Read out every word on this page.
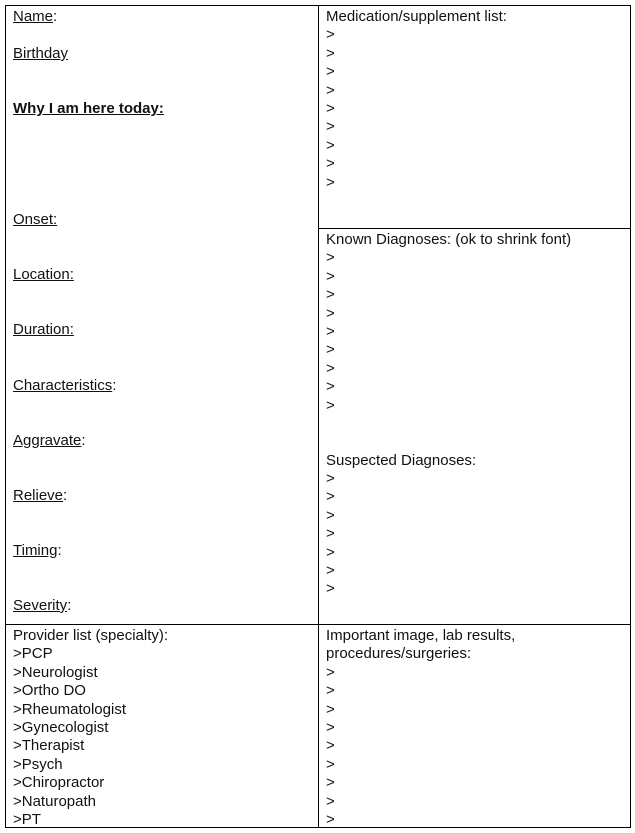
Name:
Birthday
Why I am here today:
Onset:
Location:
Duration:
Characteristics:
Aggravate:
Relieve:
Timing:
Severity:
Medication/supplement list:
>
>
>
>
>
>
>
>
>
Known Diagnoses: (ok to shrink font)
>
>
>
>
>
>
>
>
>
Suspected Diagnoses:
>
>
>
>
>
>
>
Provider list (specialty):
>PCP
>Neurologist
>Ortho DO
>Rheumatologist
>Gynecologist
>Therapist
>Psych
>Chiropractor
>Naturopath
>PT
Important image, lab results,
procedures/surgeries:
>
>
>
>
>
>
>
>
>
